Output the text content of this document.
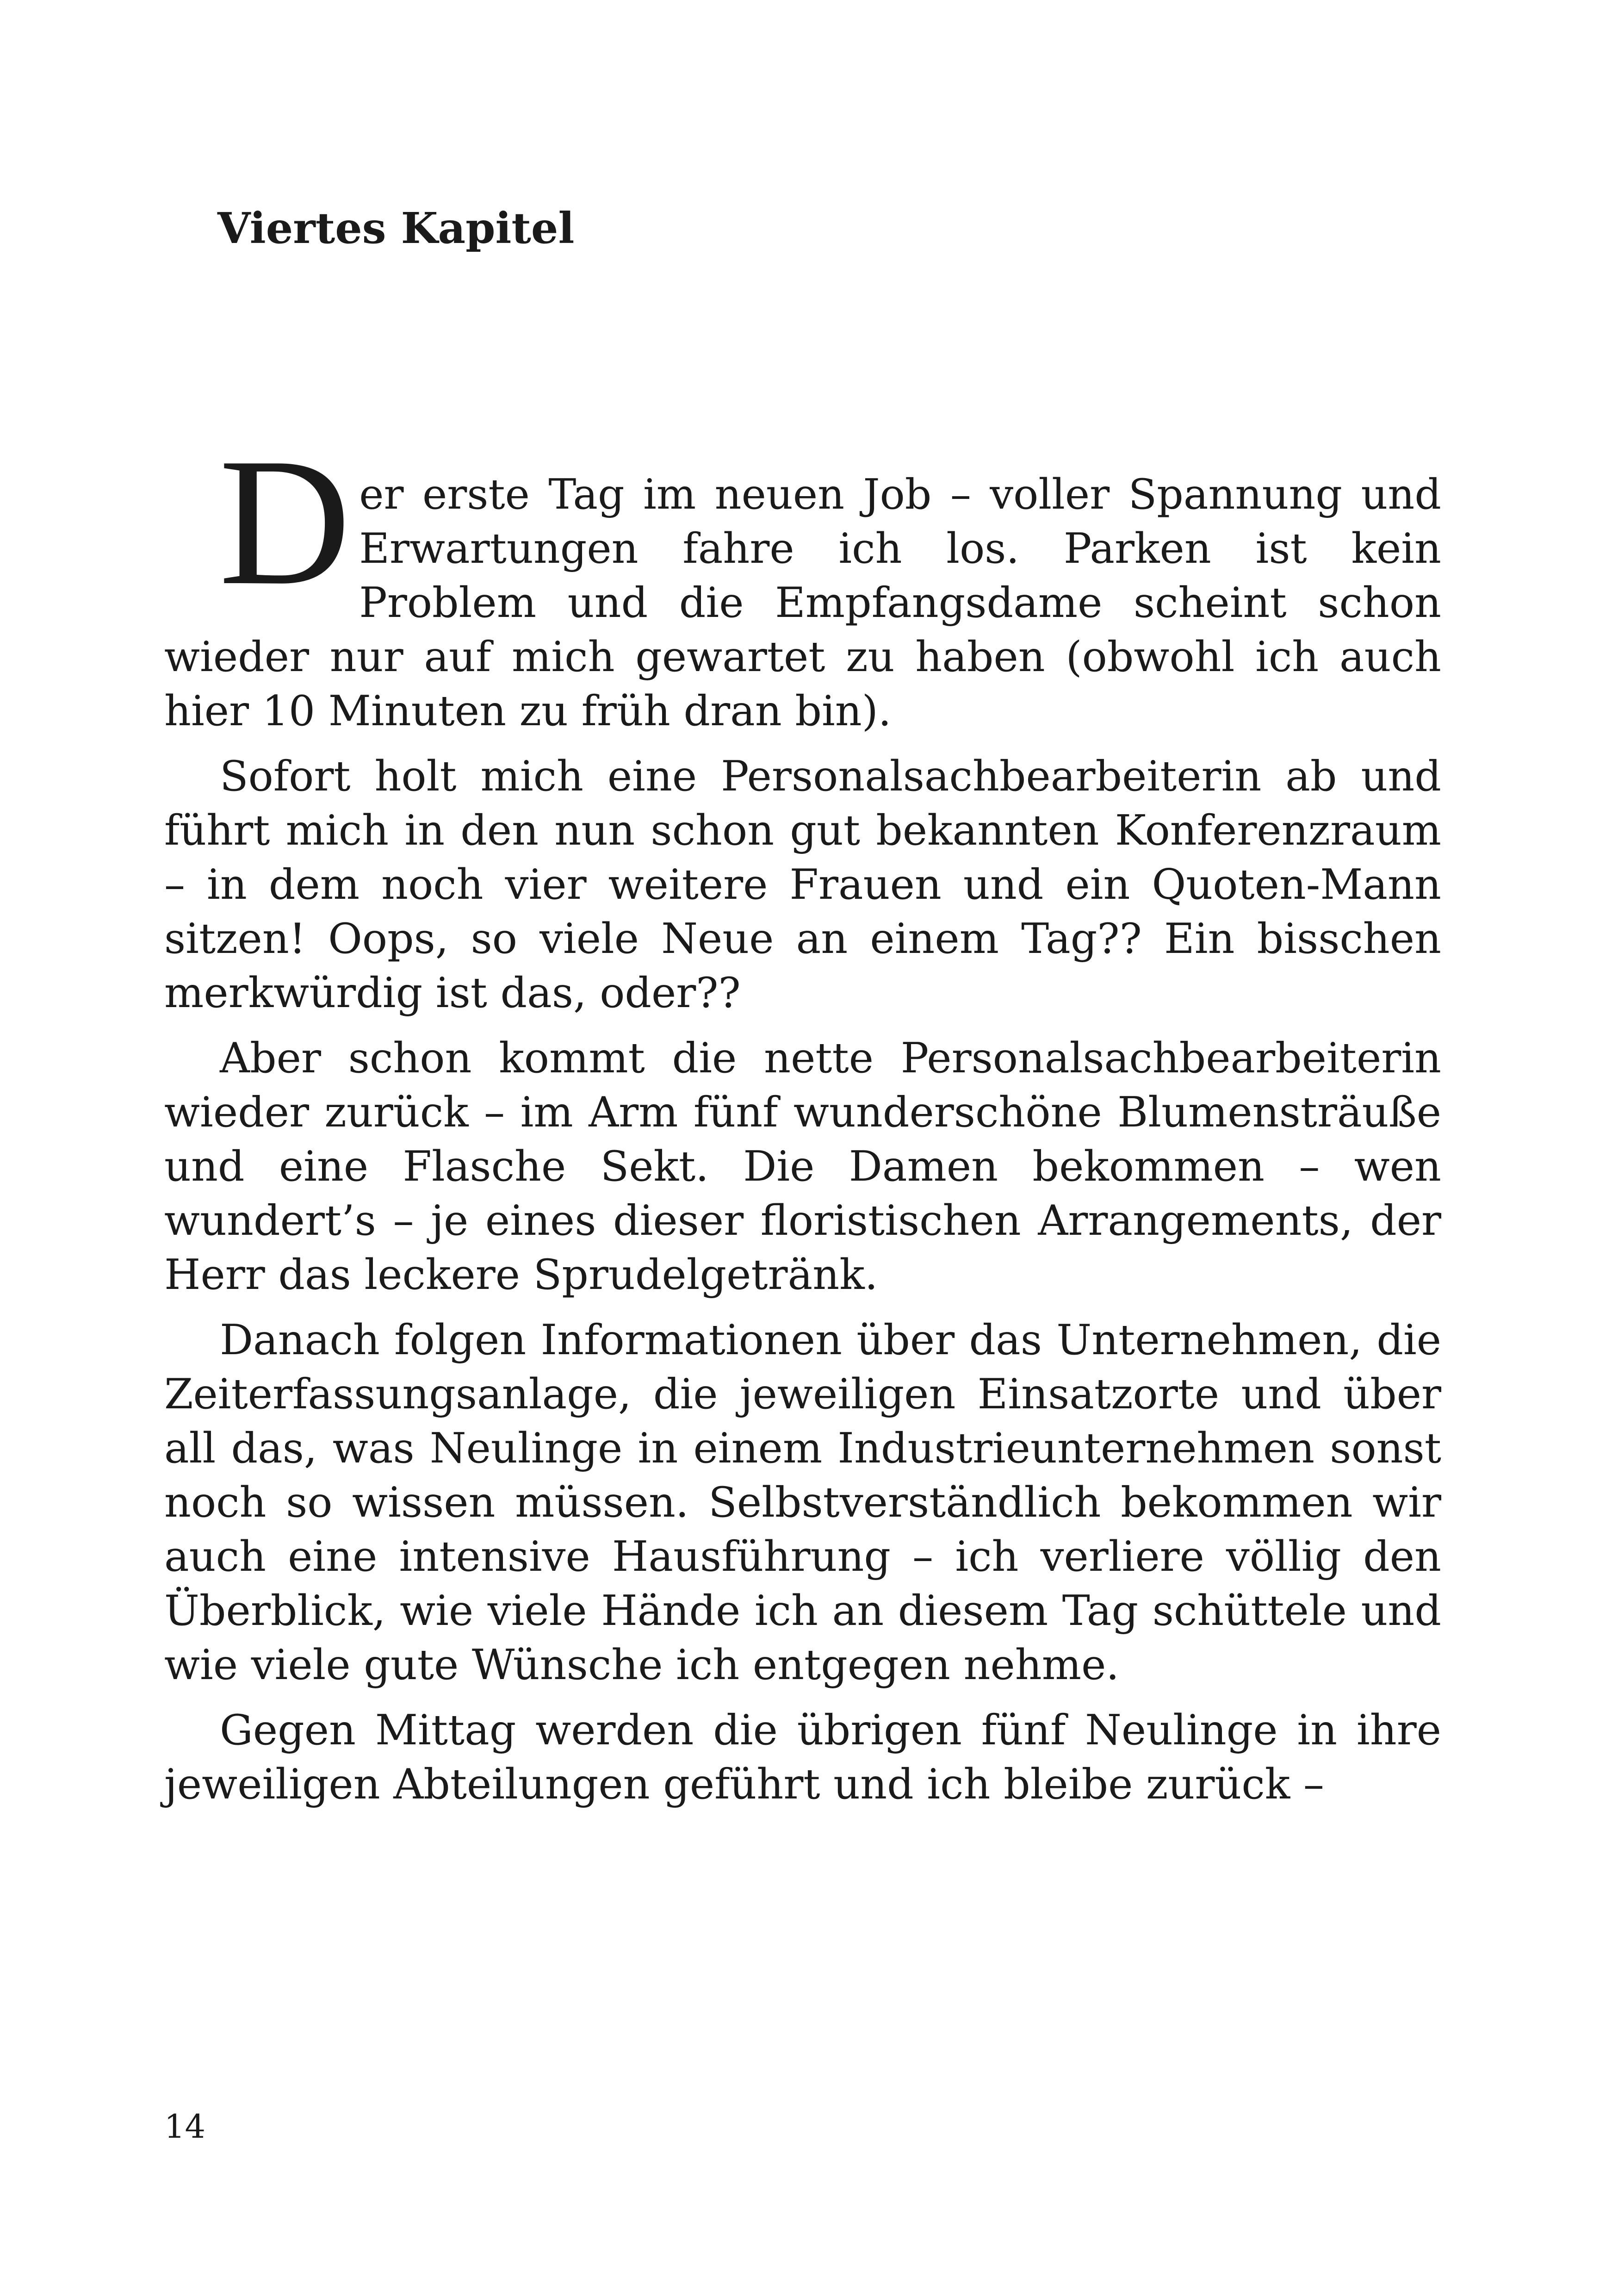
Viertes Kapitel

Der erste Tag im neuen Job – voller Spannung und Erwartungen fahre ich los. Parken ist kein Problem und die Empfangsdame scheint schon wieder nur auf mich gewartet zu haben (obwohl ich auch hier 10 Minuten zu früh dran bin).

Sofort holt mich eine Personalsachbearbeiterin ab und führt mich in den nun schon gut bekannten Konferenzraum – in dem noch vier weitere Frauen und ein Quoten-Mann sitzen! Oops, so viele Neue an einem Tag?? Ein bisschen merkwürdig ist das, oder??

Aber schon kommt die nette Personalsachbearbeiterin wieder zurück – im Arm fünf wunderschöne Blumensträuße und eine Flasche Sekt. Die Damen bekommen – wen wundert’s – je eines dieser floristischen Arrangements, der Herr das leckere Sprudelgetränk.

Danach folgen Informationen über das Unternehmen, die Zeiterfassungsanlage, die jeweiligen Einsatzorte und über all das, was Neulinge in einem Industrieunternehmen sonst noch so wissen müssen. Selbstverständlich bekommen wir auch eine intensive Hausführung – ich verliere völlig den Überblick, wie viele Hände ich an diesem Tag schüttele und wie viele gute Wünsche ich entgegen nehme.

Gegen Mittag werden die übrigen fünf Neulinge in ihre jeweiligen Abteilungen geführt und ich bleibe zurück –

14
